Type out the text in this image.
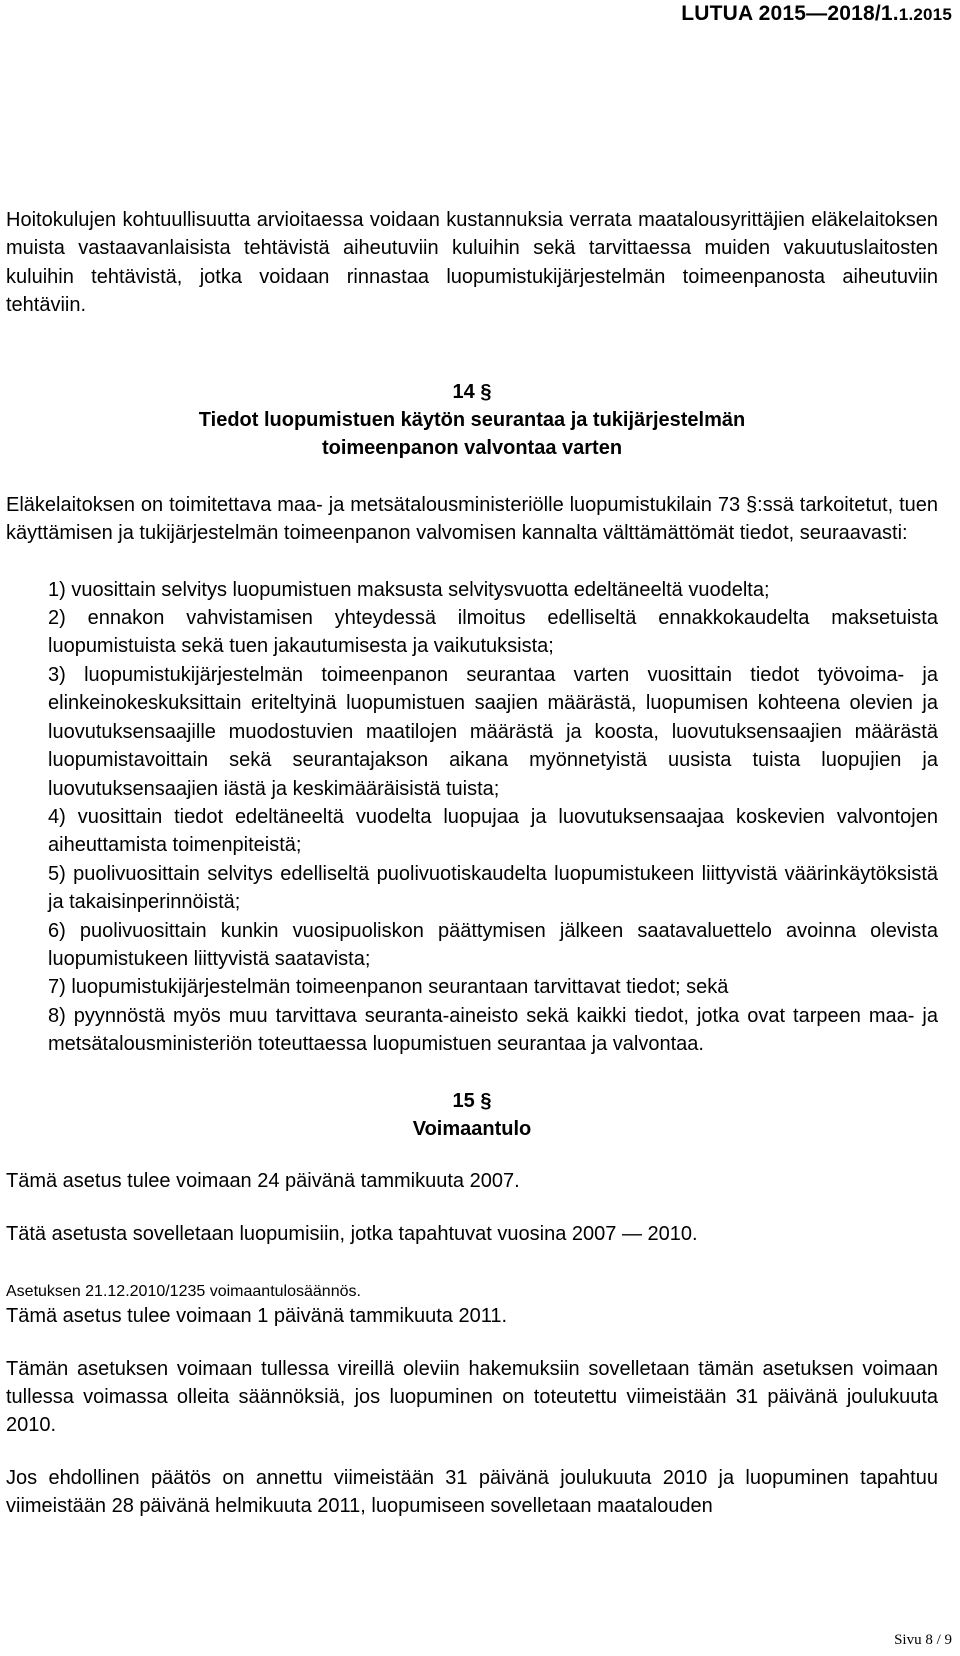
LUTUA 2015—2018/1.1.2015

Hoitokulujen kohtuullisuutta arvioitaessa voidaan kustannuksia verrata maatalousyrittäjien eläkelaitoksen muista vastaavanlaisista tehtävistä aiheutuviin kuluihin sekä tarvittaessa muiden vakuutuslaitosten kuluihin tehtävistä, jotka voidaan rinnastaa luopumistukijärjestelmän toimeenpanosta aiheutuviin tehtäviin.

14 §

Tiedot luopumistuen käytön seurantaa ja tukijärjestelmän

toimeenpanon valvontaa varten

Eläkelaitoksen on toimitettava maa- ja metsätalousministeriölle luopumistukilain 73 §:ssä tarkoitetut, tuen käyttämisen ja tukijärjestelmän toimeenpanon valvomisen kannalta välttämättömät tiedot, seuraavasti:

1) vuosittain selvitys luopumistuen maksusta selvitysvuotta edeltäneeltä vuodelta;
2) ennakon vahvistamisen yhteydessä ilmoitus edelliseltä ennakkokaudelta maksetuista luopumistuista sekä tuen jakautumisesta ja vaikutuksista;
3) luopumistukijärjestelmän toimeenpanon seurantaa varten vuosittain tiedot työvoima- ja elinkeinokeskuksittain eriteltyinä luopumistuen saajien määrästä, luopumisen kohteena olevien ja luovutuksensaajille muodostuvien maatilojen määrästä ja koosta, luovutuksensaajien määrästä luopumistavoittain sekä seurantajakson aikana myönnetyistä uusista tuista luopujien ja luovutuksensaajien iästä ja keskimääräisistä tuista;
4) vuosittain tiedot edeltäneeltä vuodelta luopujaa ja luovutuksensaajaa koskevien valvontojen aiheuttamista toimenpiteistä;
5) puolivuosittain selvitys edelliseltä puolivuotiskaudelta luopumistukeen liittyvistä väärinkäytöksistä ja takaisinperinnöistä;
6) puolivuosittain kunkin vuosipuoliskon päättymisen jälkeen saatavaluettelo avoinna olevista luopumistukeen liittyvistä saatavista;
7) luopumistukijärjestelmän toimeenpanon seurantaan tarvittavat tiedot; sekä
8) pyynnöstä myös muu tarvittava seuranta-aineisto sekä kaikki tiedot, jotka ovat tarpeen maa- ja metsätalousministeriön toteuttaessa luopumistuen seurantaa ja valvontaa.

15 §

Voimaantulo

Tämä asetus tulee voimaan 24 päivänä tammikuuta 2007.

Tätä asetusta sovelletaan luopumisiin, jotka tapahtuvat vuosina 2007 — 2010.

Asetuksen 21.12.2010/1235 voimaantulosäännös.

Tämä asetus tulee voimaan 1 päivänä tammikuuta 2011.

Tämän asetuksen voimaan tullessa vireillä oleviin hakemuksiin sovelletaan tämän asetuksen voimaan tullessa voimassa olleita säännöksiä, jos luopuminen on toteutettu viimeistään 31 päivänä joulukuuta 2010.

Jos ehdollinen päätös on annettu viimeistään 31 päivänä joulukuuta 2010 ja luopuminen tapahtuu viimeistään 28 päivänä helmikuuta 2011, luopumiseen sovelletaan maatalouden

Sivu 8 / 9
